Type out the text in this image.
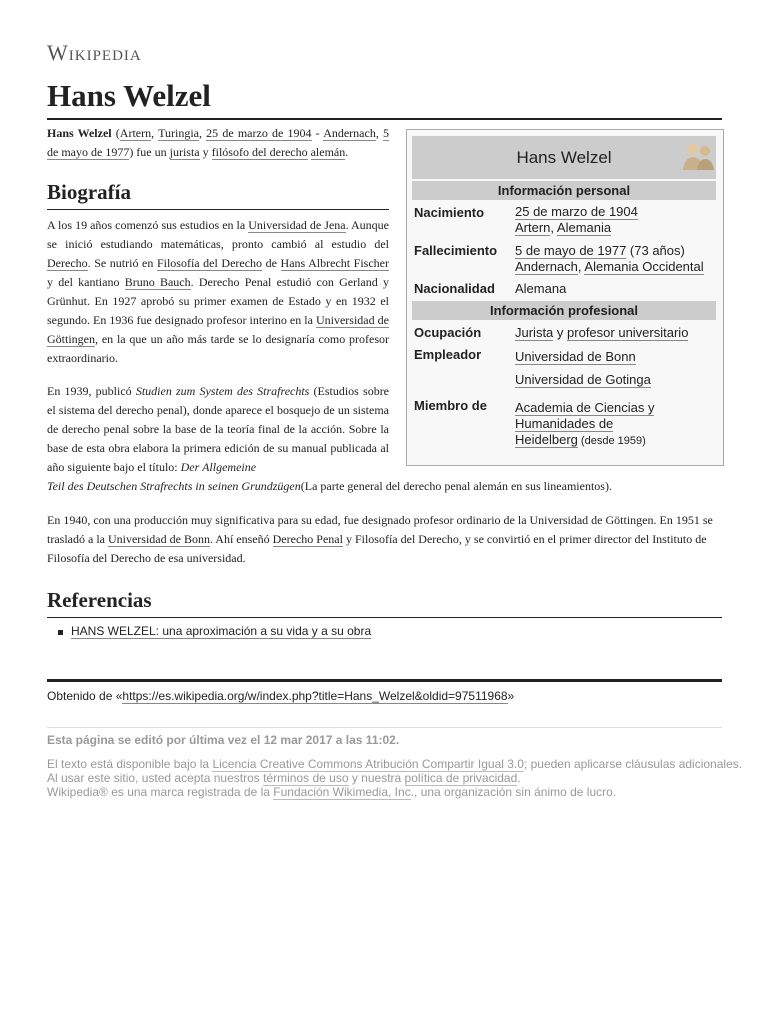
Wikipedia
Hans Welzel
Hans Welzel (Artern, Turingia, 25 de marzo de 1904 - Andernach, 5 de mayo de 1977) fue un jurista y filósofo del derecho alemán.
Biografía
A los 19 años comenzó sus estudios en la Universidad de Jena. Aunque se inició estudiando matemáticas, pronto cambió al estudio del Derecho. Se nutrió en Filosofía del Derecho de Hans Albrecht Fischer y del kantiano Bruno Bauch. Derecho Penal estudió con Gerland y Grünhut. En 1927 aprobó su primer examen de Estado y en 1932 el segundo. En 1936 fue designado profesor interino en la Universidad de Göttingen, en la que un año más tarde se lo designaría como profesor extraordinario.
En 1939, publicó Studien zum System des Strafrechts (Estudios sobre el sistema del derecho penal), donde aparece el bosquejo de un sistema de derecho penal sobre la base de la teoría final de la acción. Sobre la base de esta obra elabora la primera edición de su manual publicada al año siguiente bajo el título: Der Allgemeine
Teil des Deutschen Strafrechts in seinen Grundzügen(La parte general del derecho penal alemán en sus lineamientos).
En 1940, con una producción muy significativa para su edad, fue designado profesor ordinario de la Universidad de Göttingen. En 1951 se trasladó a la Universidad de Bonn. Ahí enseñó Derecho Penal y Filosofía del Derecho, y se convirtió en el primer director del Instituto de Filosofía del Derecho de esa universidad.
Referencias
HANS WELZEL: una aproximación a su vida y a su obra
Obtenido de «https://es.wikipedia.org/w/index.php?title=Hans_Welzel&oldid=97511968»
Esta página se editó por última vez el 12 mar 2017 a las 11:02.
El texto está disponible bajo la Licencia Creative Commons Atribución Compartir Igual 3.0; pueden aplicarse cláusulas adicionales. Al usar este sitio, usted acepta nuestros términos de uso y nuestra política de privacidad.
Wikipedia® es una marca registrada de la Fundación Wikimedia, Inc., una organización sin ánimo de lucro.
Hans Welzel
Información personal
Nacimiento 25 de marzo de 1904
Artern, Alemania
Fallecimiento 5 de mayo de 1977 (73 años)
Andernach, Alemania Occidental
Nacionalidad Alemana
Información profesional
Ocupación	Jurista y profesor universitario
Empleador	Universidad de Bonn
Universidad de Gotinga
Miembro de Academia de Ciencias y
Humanidades de
Heidelberg (desde 1959)
